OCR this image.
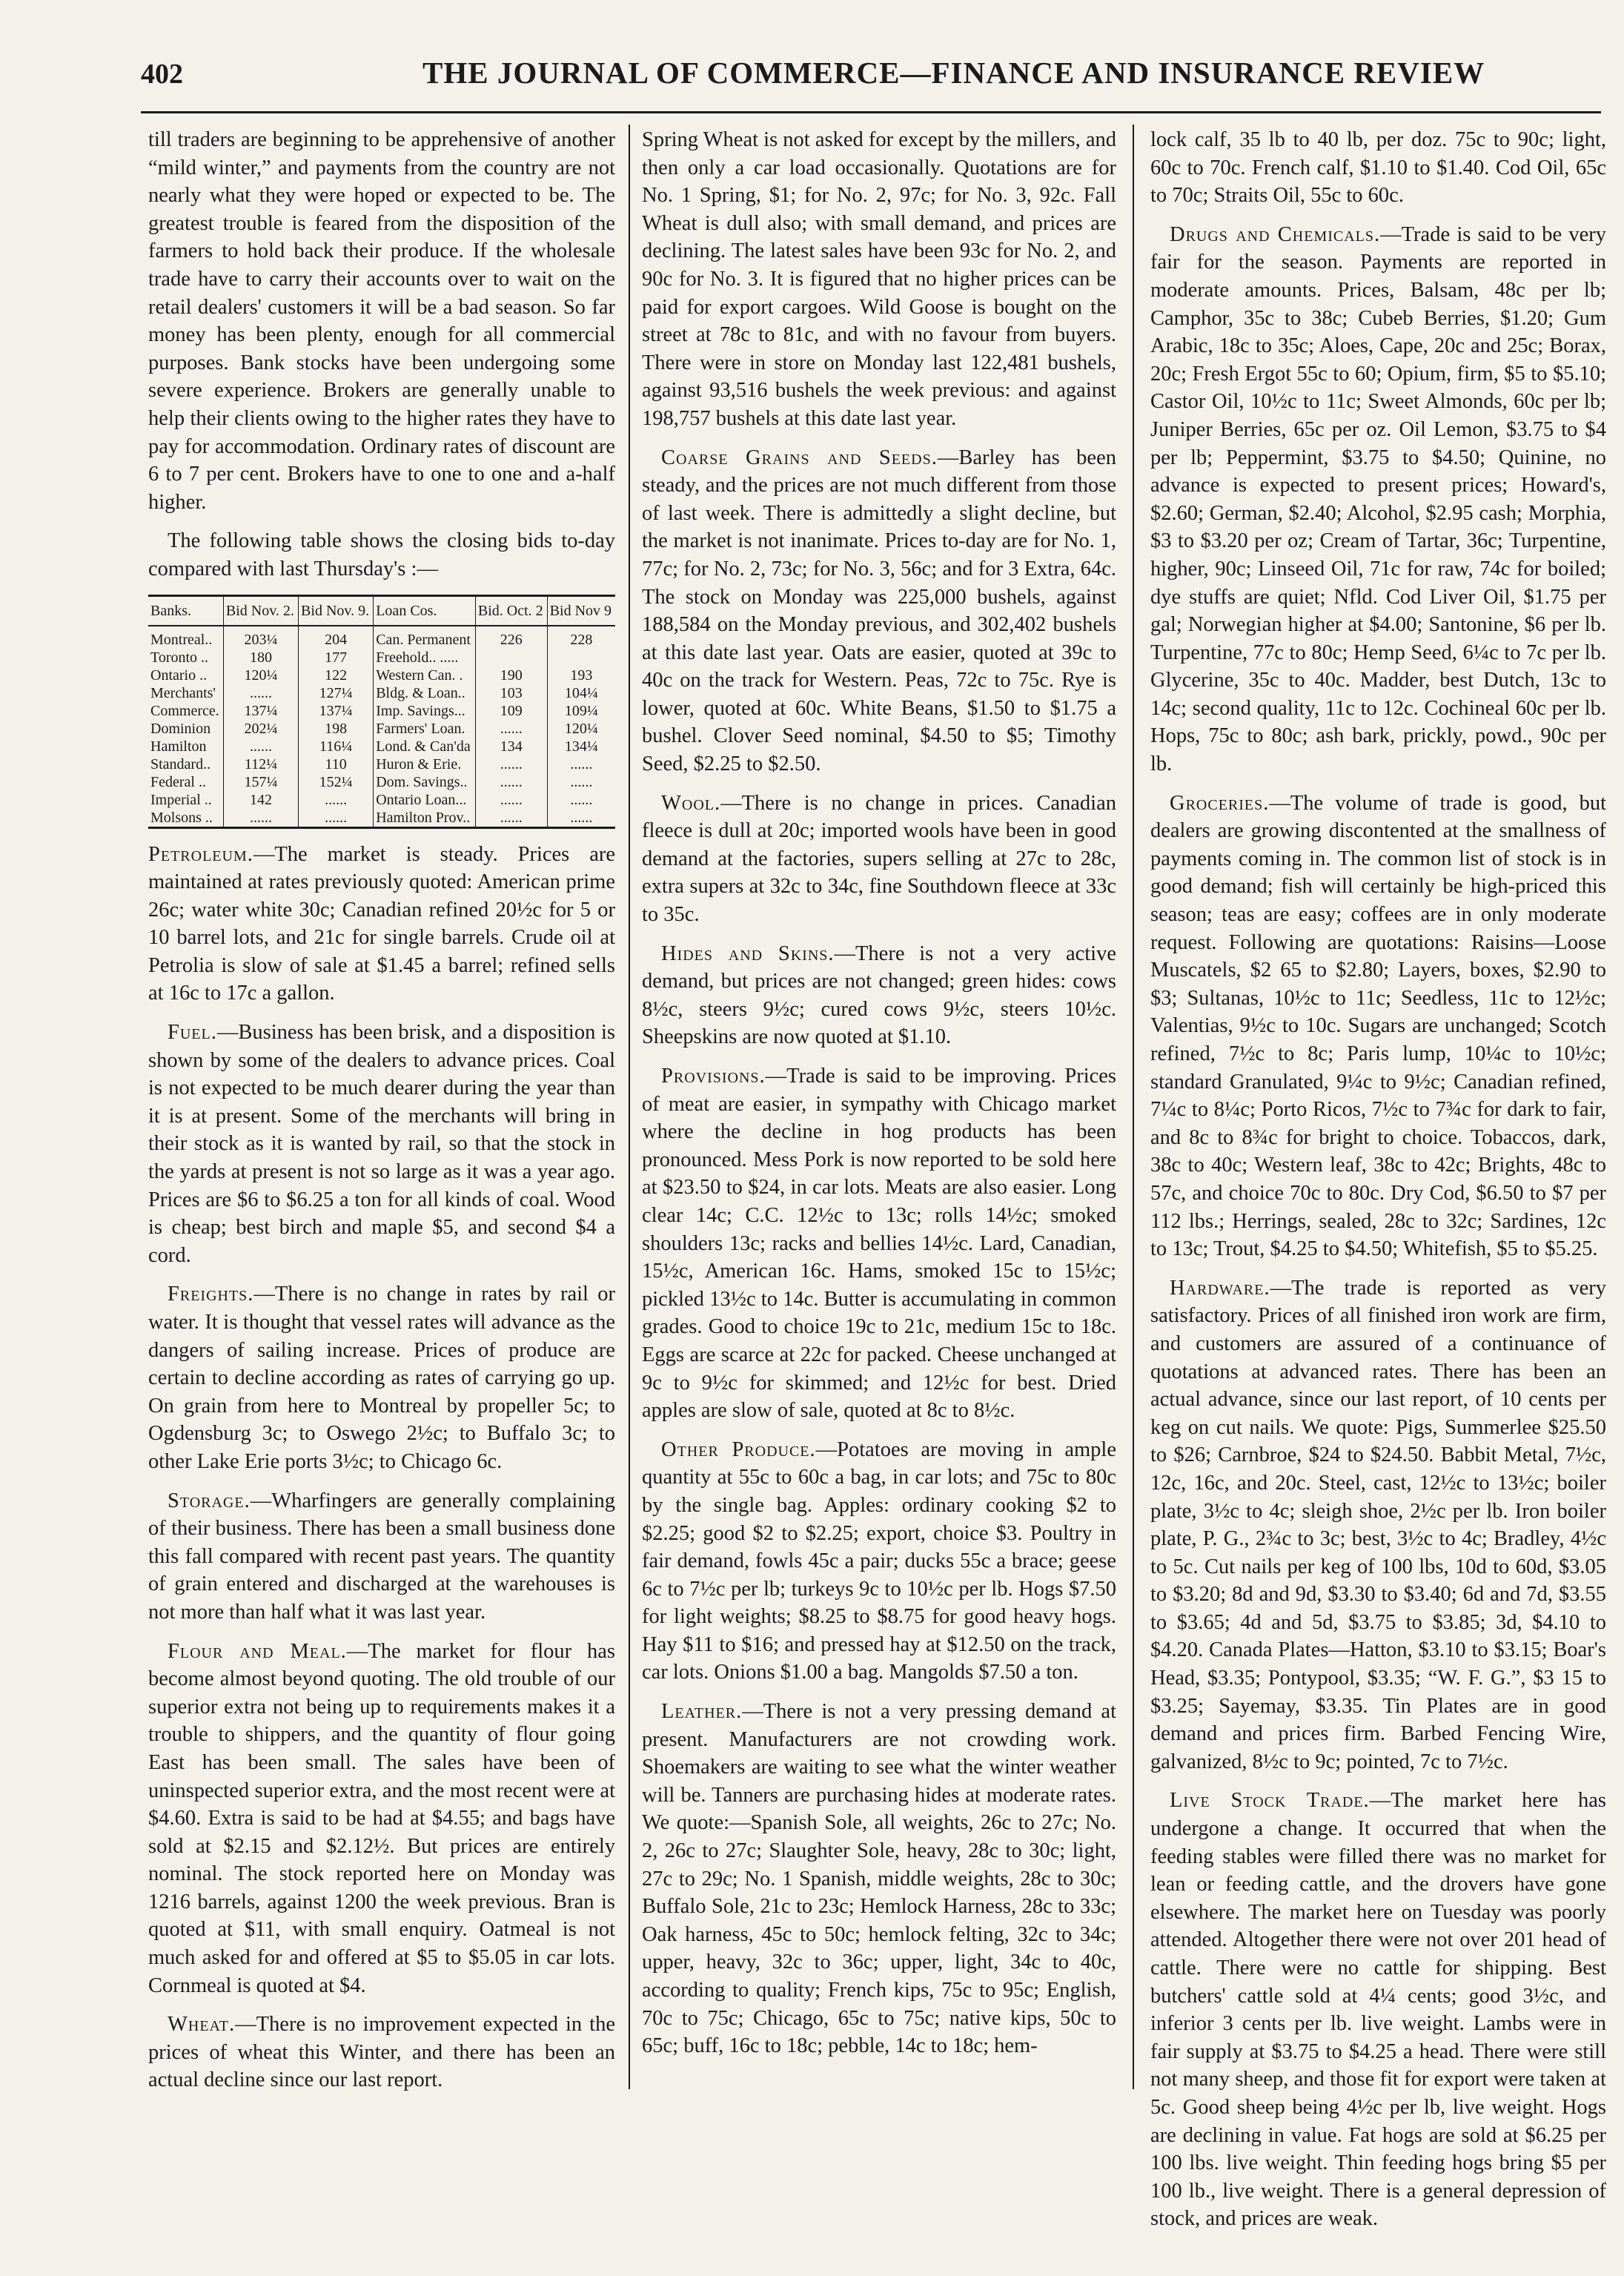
402	THE JOURNAL OF COMMERCE—FINANCE AND INSURANCE REVIEW

till traders are beginning to be apprehensive of another “mild winter,” and payments from the country are not nearly what they were hoped or expected to be. The greatest trouble is feared from the disposition of the farmers to hold back their produce. If the wholesale trade have to carry their accounts over to wait on the retail dealers' customers it will be a bad season. So far money has been plenty, enough for all commercial purposes. Bank stocks have been undergoing some severe experience. Brokers are generally unable to help their clients owing to the higher rates they have to pay for accommodation. Ordinary rates of discount are 6 to 7 per cent. Brokers have to one to one and a-half higher.

The following table shows the closing bids to-day compared with last Thursday's :—

Banks.	Bid Nov. 2.	Bid Nov. 9.	Loan Cos.	Bid. Oct. 2	Bid Nov 9
Montreal..	203¼	204	Can. Permanent	226	228
Toronto ..	180	177	Freehold.. .....		
Ontario ..	120¼	122	Western Can. .	190	193
Merchants'	......	127¼	Bldg. & Loan..	103	104¼
Commerce.	137¼	137¼	Imp. Savings...	109	109¼
Dominion	202¼	198	Farmers' Loan.	......	120¼
Hamilton	......	116¼	Lond. & Can'da	134	134¼
Standard..	112¼	110	Huron & Erie.	......	......
Federal ..	157¼	152¼	Dom. Savings..	......	......
Imperial ..	142	......	Ontario Loan...	......	......
Molsons ..	......	......	Hamilton Prov..	......	......

Petroleum.—The market is steady. Prices are maintained at rates previously quoted: American prime 26c; water white 30c; Canadian refined 20½c for 5 or 10 barrel lots, and 21c for single barrels. Crude oil at Petrolia is slow of sale at $1.45 a barrel; refined sells at 16c to 17c a gallon.

Fuel.—Business has been brisk, and a disposition is shown by some of the dealers to advance prices. Coal is not expected to be much dearer during the year than it is at present. Some of the merchants will bring in their stock as it is wanted by rail, so that the stock in the yards at present is not so large as it was a year ago. Prices are $6 to $6.25 a ton for all kinds of coal. Wood is cheap; best birch and maple $5, and second $4 a cord.

Freights.—There is no change in rates by rail or water. It is thought that vessel rates will advance as the dangers of sailing increase. Prices of produce are certain to decline according as rates of carrying go up. On grain from here to Montreal by propeller 5c; to Ogdensburg 3c; to Oswego 2½c; to Buffalo 3c; to other Lake Erie ports 3½c; to Chicago 6c.

Storage.—Wharfingers are generally complaining of their business. There has been a small business done this fall compared with recent past years. The quantity of grain entered and discharged at the warehouses is not more than half what it was last year.

Flour and Meal.—The market for flour has become almost beyond quoting. The old trouble of our superior extra not being up to requirements makes it a trouble to shippers, and the quantity of flour going East has been small. The sales have been of uninspected superior extra, and the most recent were at $4.60. Extra is said to be had at $4.55; and bags have sold at $2.15 and $2.12½. But prices are entirely nominal. The stock reported here on Monday was 1216 barrels, against 1200 the week previous. Bran is quoted at $11, with small enquiry. Oatmeal is not much asked for and offered at $5 to $5.05 in car lots. Cornmeal is quoted at $4.

Wheat.—There is no improvement expected in the prices of wheat this Winter, and there has been an actual decline since our last report.

Spring Wheat is not asked for except by the millers, and then only a car load occasionally. Quotations are for No. 1 Spring, $1; for No. 2, 97c; for No. 3, 92c. Fall Wheat is dull also; with small demand, and prices are declining. The latest sales have been 93c for No. 2, and 90c for No. 3. It is figured that no higher prices can be paid for export cargoes. Wild Goose is bought on the street at 78c to 81c, and with no favour from buyers. There were in store on Monday last 122,481 bushels, against 93,516 bushels the week previous: and against 198,757 bushels at this date last year.

Coarse Grains and Seeds.—Barley has been steady, and the prices are not much different from those of last week. There is admittedly a slight decline, but the market is not inanimate. Prices to-day are for No. 1, 77c; for No. 2, 73c; for No. 3, 56c; and for 3 Extra, 64c. The stock on Monday was 225,000 bushels, against 188,584 on the Monday previous, and 302,402 bushels at this date last year. Oats are easier, quoted at 39c to 40c on the track for Western. Peas, 72c to 75c. Rye is lower, quoted at 60c. White Beans, $1.50 to $1.75 a bushel. Clover Seed nominal, $4.50 to $5; Timothy Seed, $2.25 to $2.50.

Wool.—There is no change in prices. Canadian fleece is dull at 20c; imported wools have been in good demand at the factories, supers selling at 27c to 28c, extra supers at 32c to 34c, fine Southdown fleece at 33c to 35c.

Hides and Skins.—There is not a very active demand, but prices are not changed; green hides: cows 8½c, steers 9½c; cured cows 9½c, steers 10½c. Sheepskins are now quoted at $1.10.

Provisions.—Trade is said to be improving. Prices of meat are easier, in sympathy with Chicago market where the decline in hog products has been pronounced. Mess Pork is now reported to be sold here at $23.50 to $24, in car lots. Meats are also easier. Long clear 14c; C.C. 12½c to 13c; rolls 14½c; smoked shoulders 13c; racks and bellies 14½c. Lard, Canadian, 15½c, American 16c. Hams, smoked 15c to 15½c; pickled 13½c to 14c. Butter is accumulating in common grades. Good to choice 19c to 21c, medium 15c to 18c. Eggs are scarce at 22c for packed. Cheese unchanged at 9c to 9½c for skimmed; and 12½c for best. Dried apples are slow of sale, quoted at 8c to 8½c.

Other Produce.—Potatoes are moving in ample quantity at 55c to 60c a bag, in car lots; and 75c to 80c by the single bag. Apples: ordinary cooking $2 to $2.25; good $2 to $2.25; export, choice $3. Poultry in fair demand, fowls 45c a pair; ducks 55c a brace; geese 6c to 7½c per lb; turkeys 9c to 10½c per lb. Hogs $7.50 for light weights; $8.25 to $8.75 for good heavy hogs. Hay $11 to $16; and pressed hay at $12.50 on the track, car lots. Onions $1.00 a bag. Mangolds $7.50 a ton.

Leather.—There is not a very pressing demand at present. Manufacturers are not crowding work. Shoemakers are waiting to see what the winter weather will be. Tanners are purchasing hides at moderate rates. We quote:—Spanish Sole, all weights, 26c to 27c; No. 2, 26c to 27c; Slaughter Sole, heavy, 28c to 30c; light, 27c to 29c; No. 1 Spanish, middle weights, 28c to 30c; Buffalo Sole, 21c to 23c; Hemlock Harness, 28c to 33c; Oak harness, 45c to 50c; hemlock felting, 32c to 34c; upper, heavy, 32c to 36c; upper, light, 34c to 40c, according to quality; French kips, 75c to 95c; English, 70c to 75c; Chicago, 65c to 75c; native kips, 50c to 65c; buff, 16c to 18c; pebble, 14c to 18c; hem-

lock calf, 35 lb to 40 lb, per doz. 75c to 90c; light, 60c to 70c. French calf, $1.10 to $1.40. Cod Oil, 65c to 70c; Straits Oil, 55c to 60c.

Drugs and Chemicals.—Trade is said to be very fair for the season. Payments are reported in moderate amounts. Prices, Balsam, 48c per lb; Camphor, 35c to 38c; Cubeb Berries, $1.20; Gum Arabic, 18c to 35c; Aloes, Cape, 20c and 25c; Borax, 20c; Fresh Ergot 55c to 60; Opium, firm, $5 to $5.10; Castor Oil, 10½c to 11c; Sweet Almonds, 60c per lb; Juniper Berries, 65c per oz. Oil Lemon, $3.75 to $4 per lb; Peppermint, $3.75 to $4.50; Quinine, no advance is expected to present prices; Howard's, $2.60; German, $2.40; Alcohol, $2.95 cash; Morphia, $3 to $3.20 per oz; Cream of Tartar, 36c; Turpentine, higher, 90c; Linseed Oil, 71c for raw, 74c for boiled; dye stuffs are quiet; Nfld. Cod Liver Oil, $1.75 per gal; Norwegian higher at $4.00; Santonine, $6 per lb. Turpentine, 77c to 80c; Hemp Seed, 6¼c to 7c per lb. Glycerine, 35c to 40c. Madder, best Dutch, 13c to 14c; second quality, 11c to 12c. Cochineal 60c per lb. Hops, 75c to 80c; ash bark, prickly, powd., 90c per lb.

Groceries.—The volume of trade is good, but dealers are growing discontented at the smallness of payments coming in. The common list of stock is in good demand; fish will certainly be high-priced this season; teas are easy; coffees are in only moderate request. Following are quotations: Raisins—Loose Muscatels, $2 65 to $2.80; Layers, boxes, $2.90 to $3; Sultanas, 10½c to 11c; Seedless, 11c to 12½c; Valentias, 9½c to 10c. Sugars are unchanged; Scotch refined, 7½c to 8c; Paris lump, 10¼c to 10½c; standard Granulated, 9¼c to 9½c; Canadian refined, 7¼c to 8¼c; Porto Ricos, 7½c to 7¾c for dark to fair, and 8c to 8¾c for bright to choice. Tobaccos, dark, 38c to 40c; Western leaf, 38c to 42c; Brights, 48c to 57c, and choice 70c to 80c. Dry Cod, $6.50 to $7 per 112 lbs.; Herrings, sealed, 28c to 32c; Sardines, 12c to 13c; Trout, $4.25 to $4.50; Whitefish, $5 to $5.25.

Hardware.—The trade is reported as very satisfactory. Prices of all finished iron work are firm, and customers are assured of a continuance of quotations at advanced rates. There has been an actual advance, since our last report, of 10 cents per keg on cut nails. We quote: Pigs, Summerlee $25.50 to $26; Carnbroe, $24 to $24.50. Babbit Metal, 7½c, 12c, 16c, and 20c. Steel, cast, 12½c to 13½c; boiler plate, 3½c to 4c; sleigh shoe, 2½c per lb. Iron boiler plate, P. G., 2¾c to 3c; best, 3½c to 4c; Bradley, 4½c to 5c. Cut nails per keg of 100 lbs, 10d to 60d, $3.05 to $3.20; 8d and 9d, $3.30 to $3.40; 6d and 7d, $3.55 to $3.65; 4d and 5d, $3.75 to $3.85; 3d, $4.10 to $4.20. Canada Plates—Hatton, $3.10 to $3.15; Boar's Head, $3.35; Pontypool, $3.35; “W. F. G.”, $3 15 to $3.25; Sayemay, $3.35. Tin Plates are in good demand and prices firm. Barbed Fencing Wire, galvanized, 8½c to 9c; pointed, 7c to 7½c.

Live Stock Trade.—The market here has undergone a change. It occurred that when the feeding stables were filled there was no market for lean or feeding cattle, and the drovers have gone elsewhere. The market here on Tuesday was poorly attended. Altogether there were not over 201 head of cattle. There were no cattle for shipping. Best butchers' cattle sold at 4¼ cents; good 3½c, and inferior 3 cents per lb. live weight. Lambs were in fair supply at $3.75 to $4.25 a head. There were still not many sheep, and those fit for export were taken at 5c. Good sheep being 4½c per lb, live weight. Hogs are declining in value. Fat hogs are sold at $6.25 per 100 lbs. live weight. Thin feeding hogs bring $5 per 100 lb., live weight. There is a general depression of stock, and prices are weak.
